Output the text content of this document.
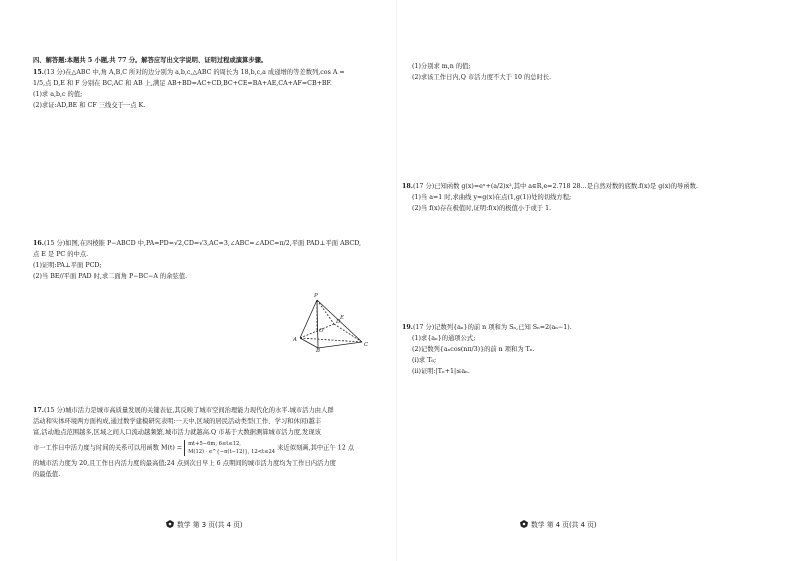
四、解答题:本题共 5 小题,共 77 分。解答应写出文字说明、证明过程或演算步骤。
15.(13 分)在△ABC 中,角 A,B,C 所对的边分别为 a,b,c,△ABC 的周长为 18,b,c,a 成递增的等差数列,cos A =
1/5,点 D,E 和 F 分别在 BC,AC 和 AB 上,满足 AB+BD=AC+CD,BC+CE=BA+AE,CA+AF=CB+BF.
(1)求 a,b,c 的值;
(2)求证:AD,BE 和 CF 三线交于一点 K.
16.(15 分)如图,在四棱锥 P−ABCD 中,PA=PD=√2,CD=√3,AC=3,∠ABC=∠ADC=π/2,平面 PAD⊥平面 ABCD,
点 E 是 PC 的中点.
(1)证明:PA⊥平面 PCD;
(2)当 BE//平面 PAD 时,求二面角 P−BC−A 的余弦值.
P
A
B
C
D
E
O
17.(15 分)城市活力是城市高质量发展的关键表征,其反映了城市空间治理能力现代化的水平.城市活力由人群
活动和实体环境两方面构成,通过数学建模研究表明:一天中,区域的居民活动类型(工作、学习和休闲)越丰
富,活动地点范围越多,区域之间人口流动越频繁,城市活力就越高.Q 市基于大数据测算城市活力度,发现该
市一工作日中活力度与时间的关系可以用函数 M(t) =
mt+5−6m, 6≤t≤12,
M(12) · e^{−n(t−12)}, 12<t≤24
来近似刻画,其中正午 12 点
的城市活力度为 20,且工作日内活力度的最高值;24 点到次日早上 6 点期间的城市活力度均为工作日内活力度
的最低值.
数学 第 3 页(共 4 页)
(1)分别求 m,n 的值;
(2)求该工作日内,Q 市活力度不大于 10 的总时长.
18.(17 分)已知函数 g(x)=eˣ+(a/2)x²,其中 a∈R,e=2.718 28…是自然对数的底数.f(x)是 g(x)的导函数.
(1)当 a=1 时,求曲线 y=g(x)在点(1,g(1))处的切线方程;
(2)当 f(x)存在极值时,证明:f(x)的极值小于或于 1.
19.(17 分)记数列{aₙ}的前 n 项和为 Sₙ,已知 Sₙ=2(aₙ−1).
(1)求{aₙ}的通项公式;
(2)记数列{aₙcos(nπ/3)}的前 n 项和为 Tₙ.
(i)求 T₆;
(ii)证明:|Tₙ+1|≤aₙ.
数学 第 4 页(共 4 页)
